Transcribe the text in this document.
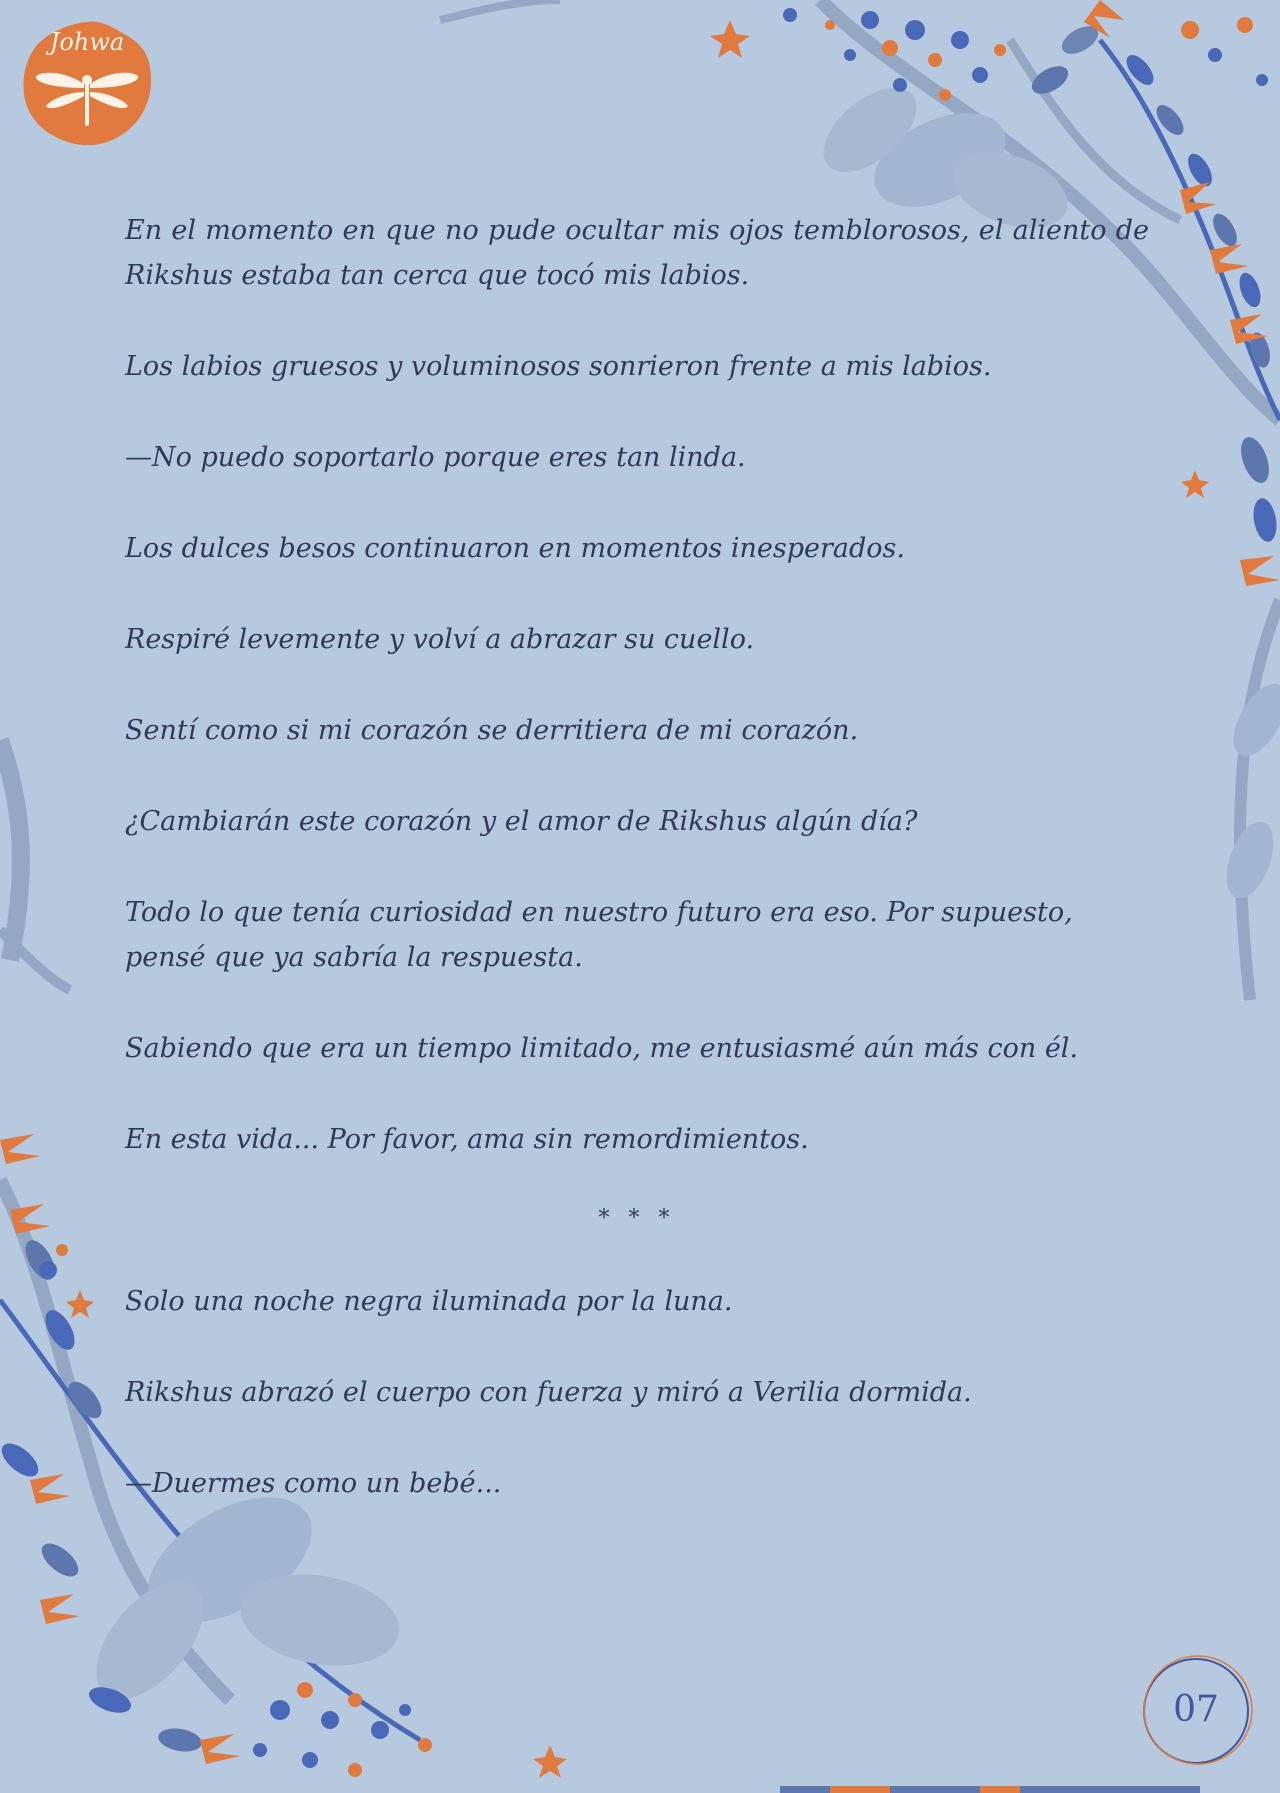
Johwa

En el momento en que no pude ocultar mis ojos temblorosos, el aliento de Rikshus estaba tan cerca que tocó mis labios.

Los labios gruesos y voluminosos sonrieron frente a mis labios.

—No puedo soportarlo porque eres tan linda.

Los dulces besos continuaron en momentos inesperados.

Respiré levemente y volví a abrazar su cuello.

Sentí como si mi corazón se derritiera de mi corazón.

¿Cambiarán este corazón y el amor de Rikshus algún día?

Todo lo que tenía curiosidad en nuestro futuro era eso. Por supuesto, pensé que ya sabría la respuesta.

Sabiendo que era un tiempo limitado, me entusiasmé aún más con él.

En esta vida... Por favor, ama sin remordimientos.

* * *

Solo una noche negra iluminada por la luna.

Rikshus abrazó el cuerpo con fuerza y miró a Verilia dormida.

—Duermes como un bebé...

07
